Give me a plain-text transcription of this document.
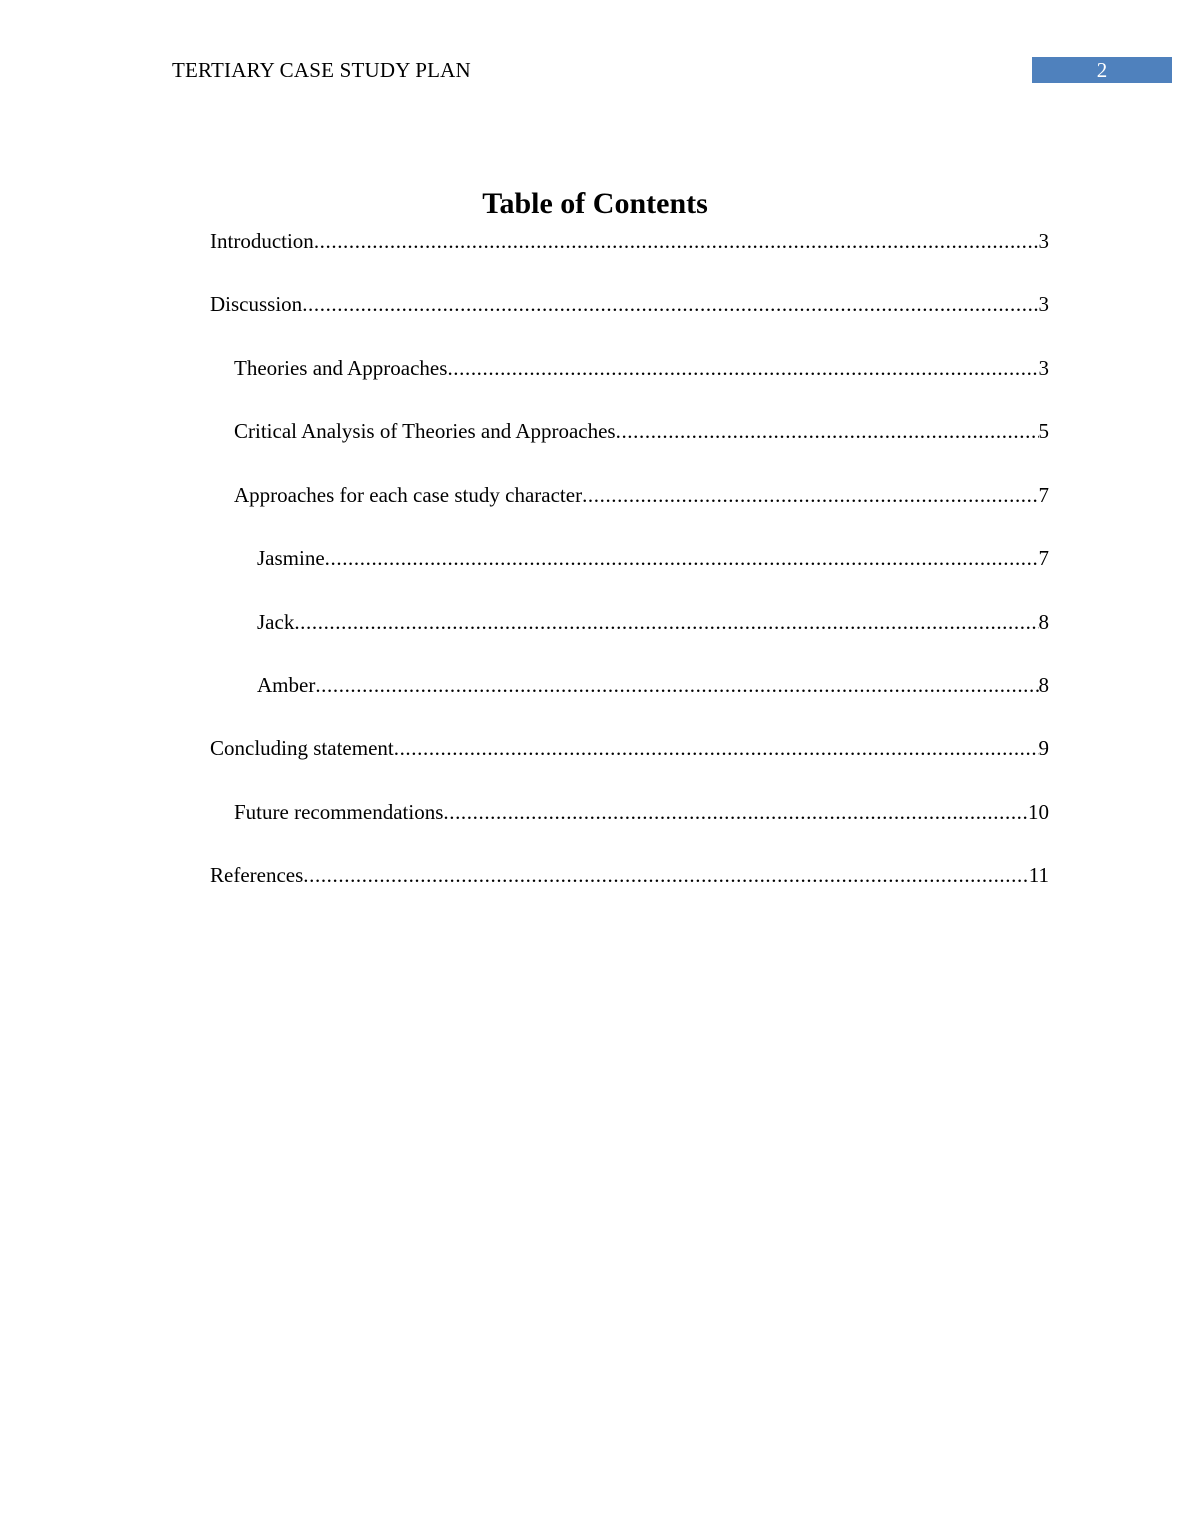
TERTIARY CASE STUDY PLAN	2
Table of Contents
Introduction .....	3
Discussion .....	3
Theories and Approaches .....	3
Critical Analysis of Theories and Approaches .....	5
Approaches for each case study character .....	7
Jasmine .....	7
Jack .....	8
Amber .....	8
Concluding statement .....	9
Future recommendations .....	10
References .....	11
